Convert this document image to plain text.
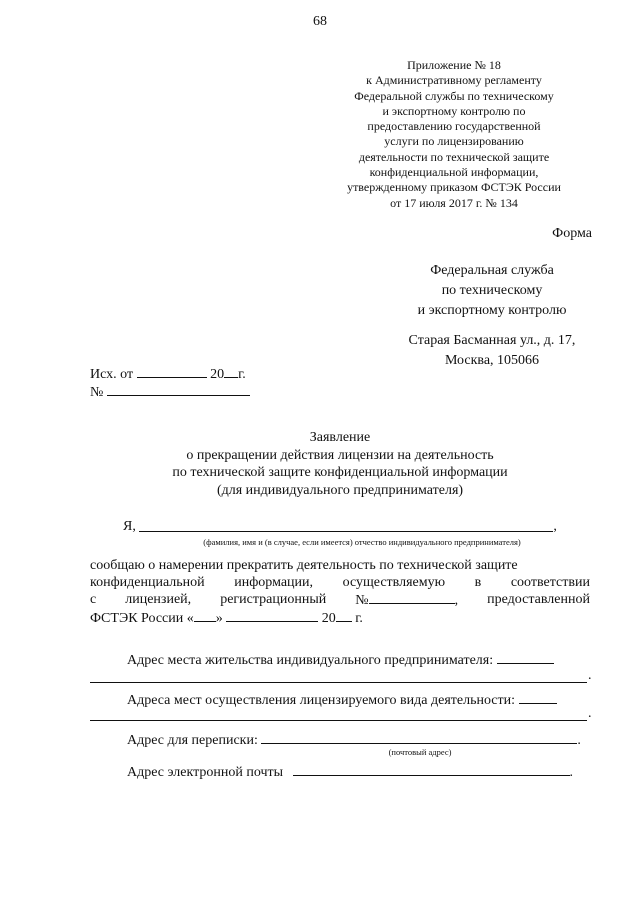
68
Приложение № 18
к Административному регламенту
Федеральной службы по техническому
и экспортному контролю по
предоставлению государственной
услуги по лицензированию
деятельности по технической защите
конфиденциальной информации,
утвержденному приказом ФСТЭК России
от 17 июля 2017 г. № 134
Форма
Федеральная служба
по техническому
и экспортному контролю
Старая Басманная ул., д. 17,
Москва, 105066
Исх. от	20 г.
№
Заявление
о прекращении действия лицензии на деятельность
по технической защите конфиденциальной информации
(для индивидуального предпринимателя)
Я,	,
(фамилия, имя и (в случае, если имеется) отчество индивидуального предпринимателя)
сообщаю о намерении прекратить деятельность по технической защите
конфиденциальной информации, осуществляемую в соответствии
с лицензией, регистрационный №	, предоставленной
ФСТЭК России « »	20 г.
Адрес места жительства индивидуального предпринимателя:
.
Адреса мест осуществления лицензируемого вида деятельности:
.
Адрес для переписки:	.
(почтовый адрес)
Адрес электронной почты	.
